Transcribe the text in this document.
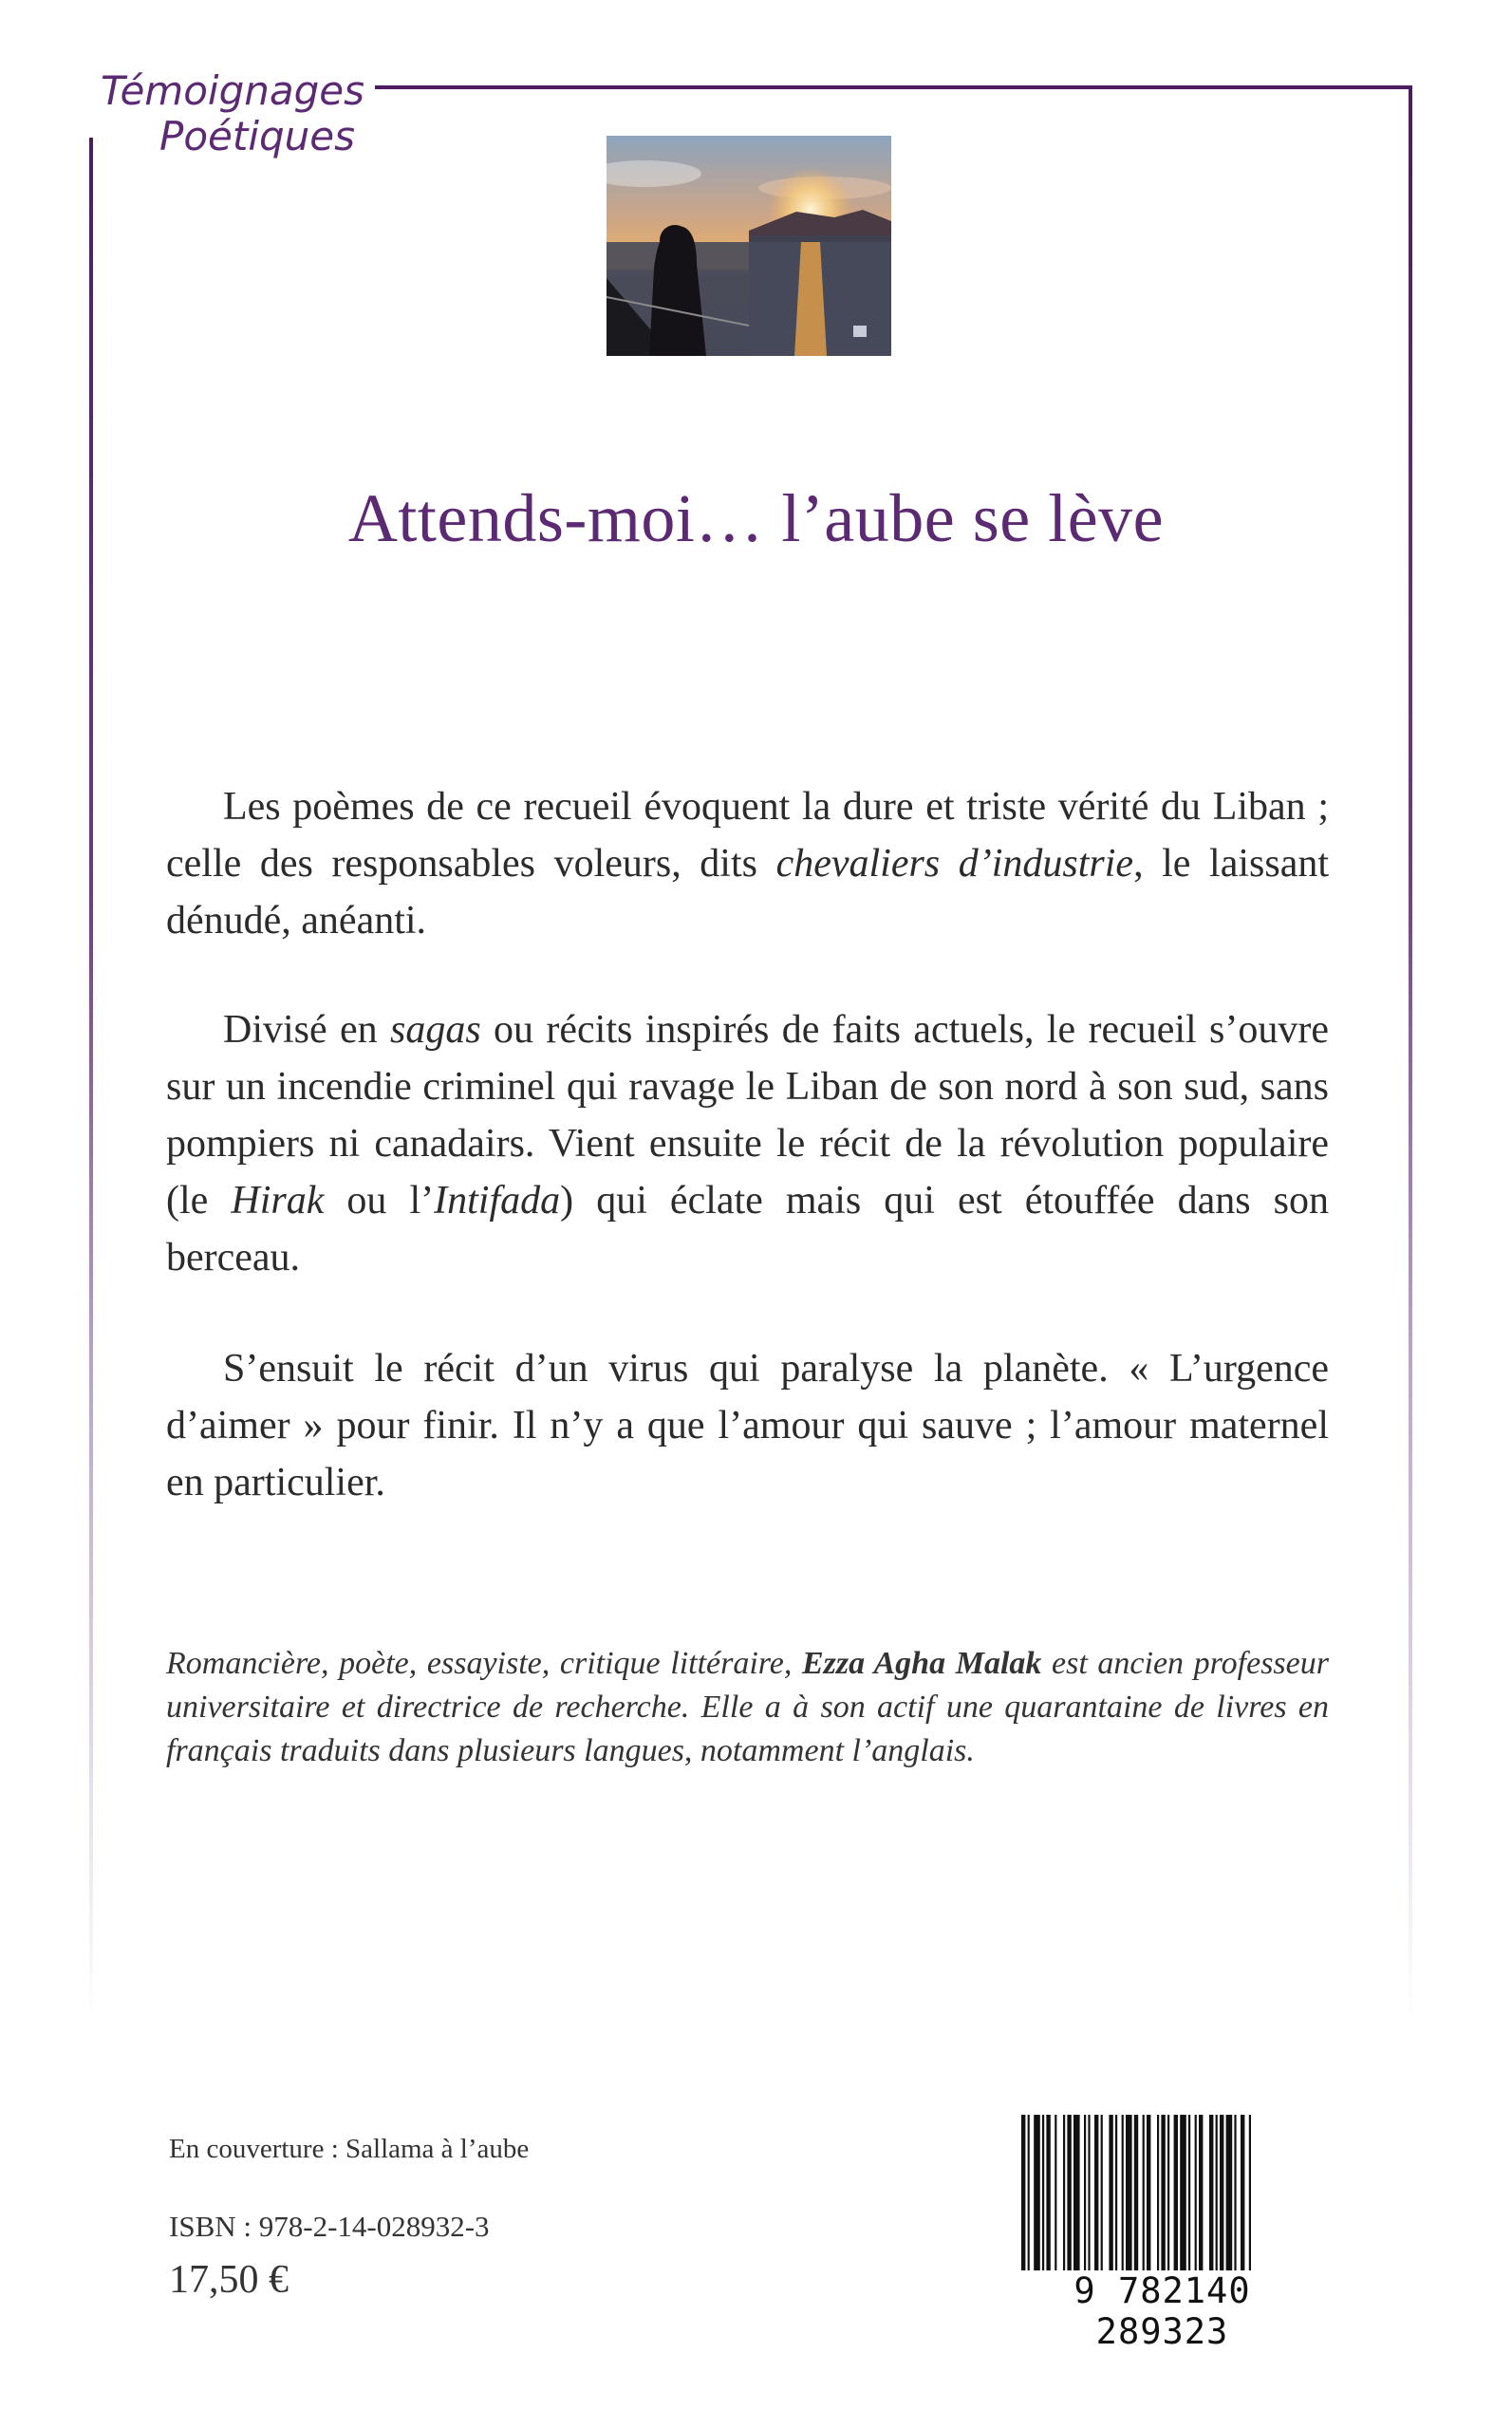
Témoignages
Poétiques
Attends-moi… l’aube se lève
Les poèmes de ce recueil évoquent la dure et triste vérité du Liban ; celle des responsables voleurs, dits chevaliers d’industrie, le laissant dénudé, anéanti.
Divisé en sagas ou récits inspirés de faits actuels, le recueil s’ouvre sur un incendie criminel qui ravage le Liban de son nord à son sud, sans pompiers ni canadairs. Vient ensuite le récit de la révolution populaire (le Hirak ou l’Intifada) qui éclate mais qui est étouffée dans son berceau.
S’ensuit le récit d’un virus qui paralyse la planète. « L’urgence d’aimer » pour finir. Il n’y a que l’amour qui sauve ; l’amour maternel en particulier.
Romancière, poète, essayiste, critique littéraire, Ezza Agha Malak est ancien professeur universitaire et directrice de recherche. Elle a à son actif une quarantaine de livres en français traduits dans plusieurs langues, notamment l’anglais.
En couverture : Sallama à l’aube
ISBN : 978-2-14-028932-3
17,50 €	9 782140 289323
